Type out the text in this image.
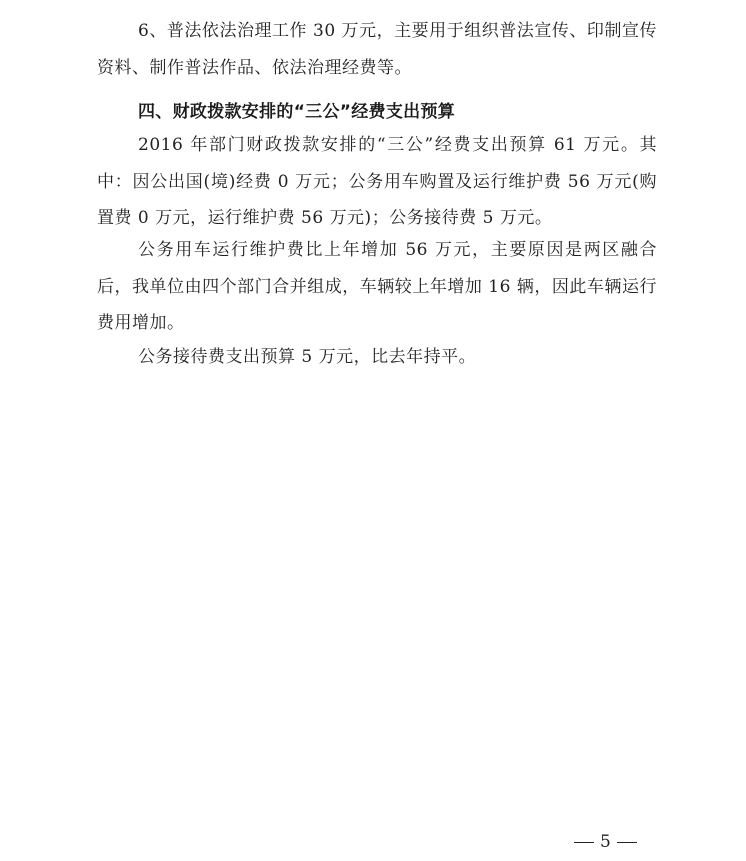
6、普法依法治理工作 30 万元，主要用于组织普法宣传、印制宣传资料、制作普法作品、依法治理经费等。

四、财政拨款安排的“三公”经费支出预算

2016 年部门财政拨款安排的“三公”经费支出预算 61 万元。其中：因公出国(境)经费 0 万元；公务用车购置及运行维护费 56 万元(购置费 0 万元，运行维护费 56 万元)；公务接待费 5 万元。

公务用车运行维护费比上年增加 56 万元，主要原因是两区融合后，我单位由四个部门合并组成，车辆较上年增加 16 辆，因此车辆运行费用增加。

公务接待费支出预算 5 万元，比去年持平。

5
